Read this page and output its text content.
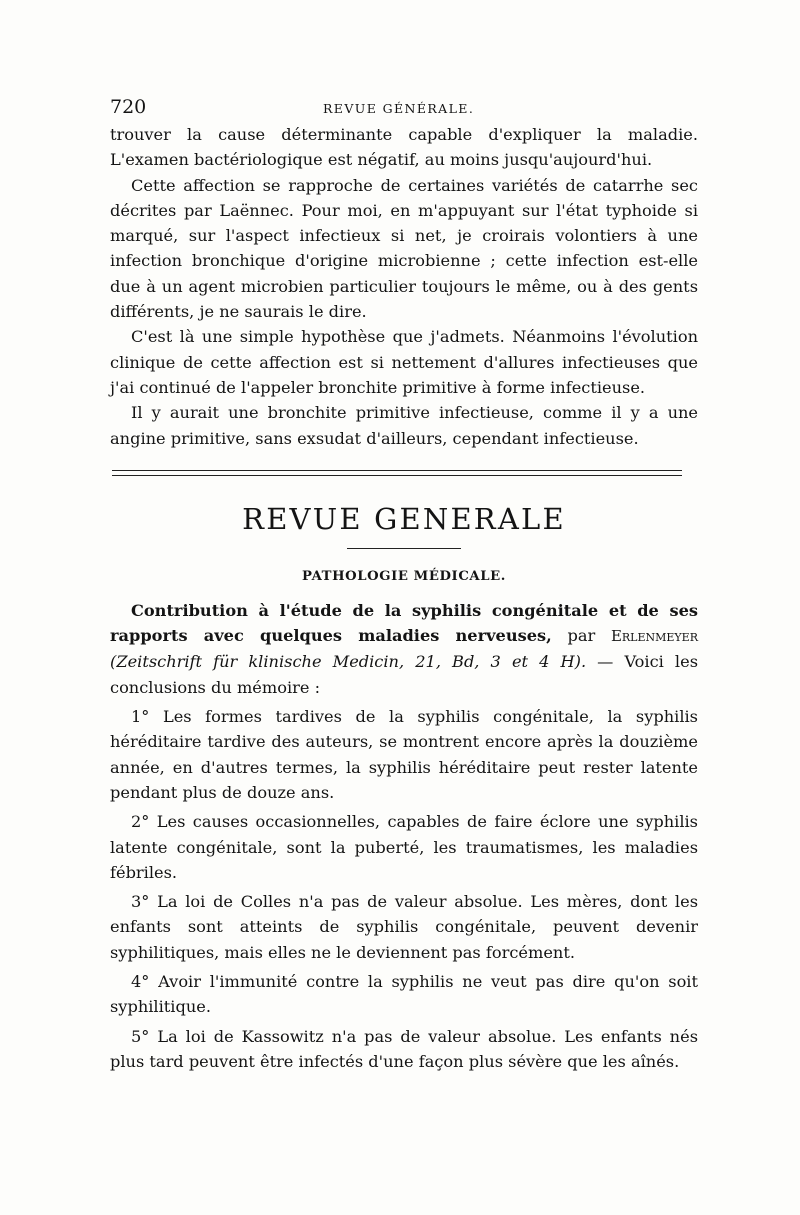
720	REVUE GÉNÉRALE.

trouver la cause déterminante capable d'expliquer la maladie. L'examen bactériologique est négatif, au moins jusqu'aujourd'hui.

Cette affection se rapproche de certaines variétés de catarrhe sec décrites par Laënnec. Pour moi, en m'appuyant sur l'état typhoide si marqué, sur l'aspect infectieux si net, je croirais volontiers à une infection bronchique d'origine microbienne ; cette infection est-elle due à un agent microbien particulier toujours le même, ou à des gents différents, je ne saurais le dire.

C'est là une simple hypothèse que j'admets. Néanmoins l'évolution clinique de cette affection est si nettement d'allures infectieuses que j'ai continué de l'appeler bronchite primitive à forme infectieuse.

Il y aurait une bronchite primitive infectieuse, comme il y a une angine primitive, sans exsudat d'ailleurs, cependant infectieuse.

REVUE GENERALE
PATHOLOGIE MÉDICALE.

Contribution à l'étude de la syphilis congénitale et de ses rapports avec quelques maladies nerveuses, par Erlenmeyer (Zeitschrift für klinische Medicin, 21, Bd, 3 et 4 H). — Voici les conclusions du mémoire :

1° Les formes tardives de la syphilis congénitale, la syphilis héréditaire tardive des auteurs, se montrent encore après la douzième année, en d'autres termes, la syphilis héréditaire peut rester latente pendant plus de douze ans.

2° Les causes occasionnelles, capables de faire éclore une syphilis latente congénitale, sont la puberté, les traumatismes, les maladies fébriles.

3° La loi de Colles n'a pas de valeur absolue. Les mères, dont les enfants sont atteints de syphilis congénitale, peuvent devenir syphilitiques, mais elles ne le deviennent pas forcément.

4° Avoir l'immunité contre la syphilis ne veut pas dire qu'on soit syphilitique.

5° La loi de Kassowitz n'a pas de valeur absolue. Les enfants nés plus tard peuvent être infectés d'une façon plus sévère que les aînés.
